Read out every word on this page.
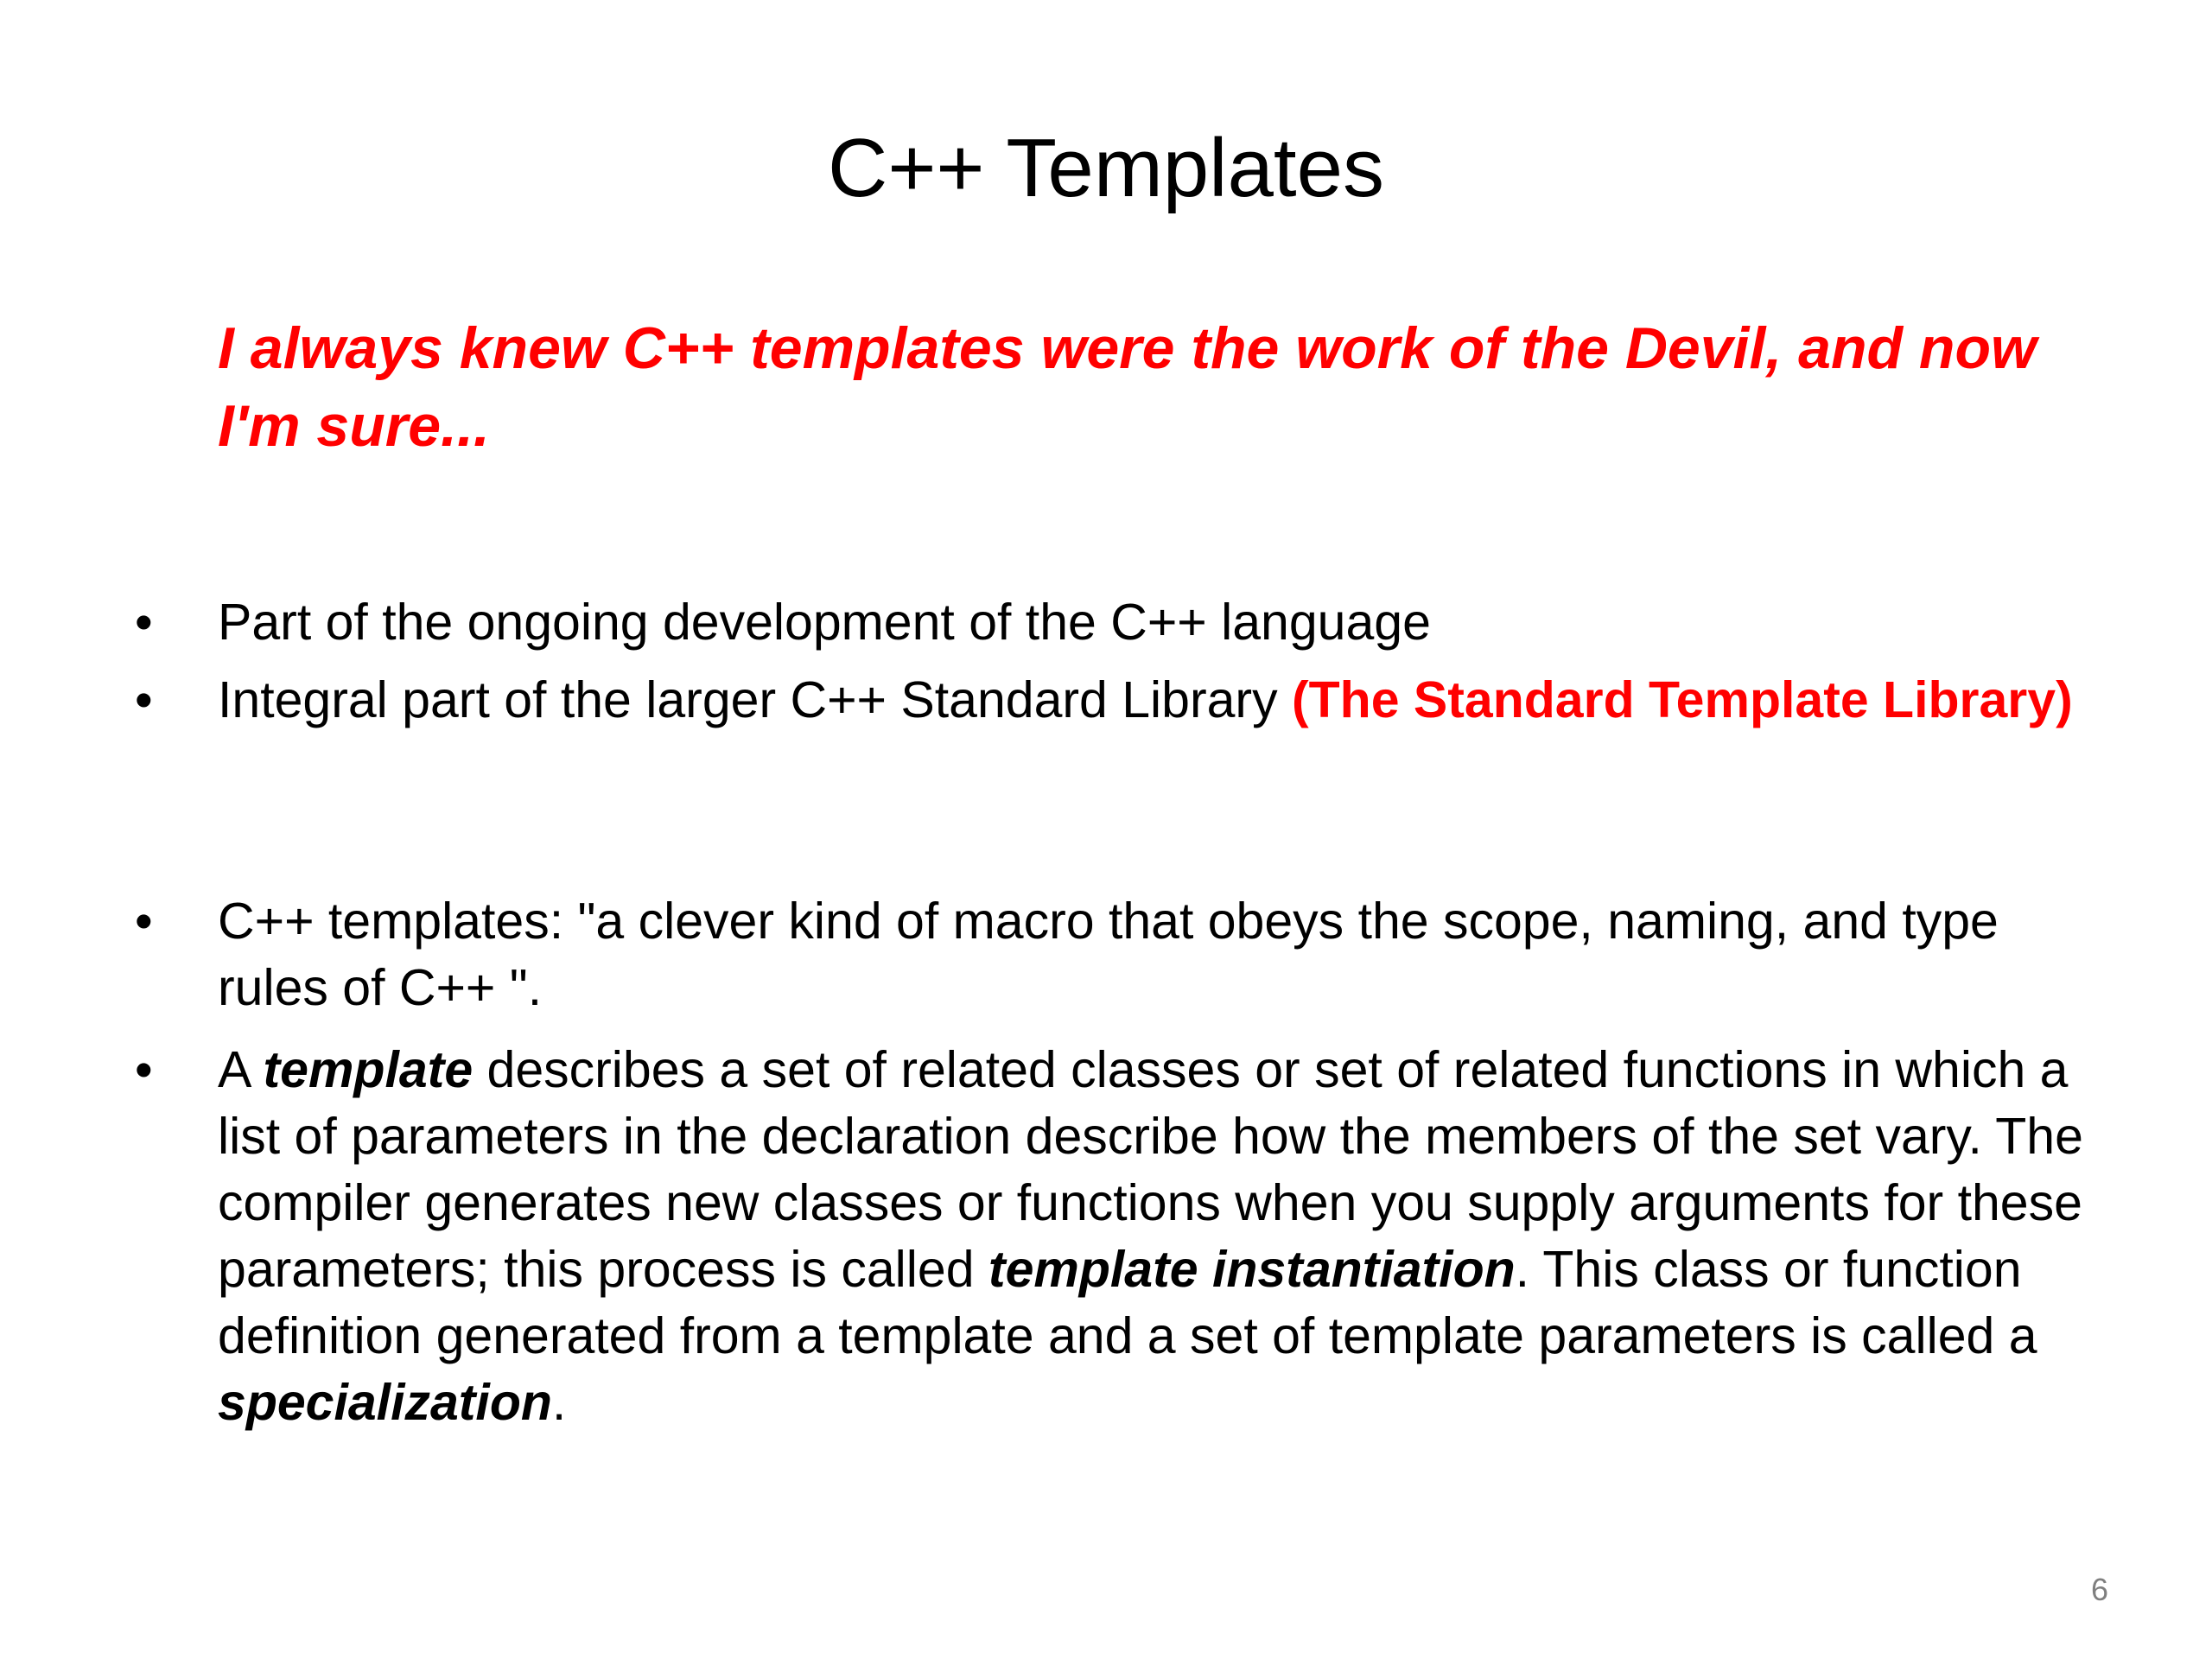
C++ Templates
I always knew C++ templates were the work of the Devil, and now I'm sure...
•	Part of the ongoing development of the C++ language
•	Integral part of the larger C++ Standard Library (The Standard Template Library)
•	C++ templates: "a clever kind of macro that obeys the scope, naming, and type rules of C++ ".
•	A template describes a set of related classes or set of related functions in which a list of parameters in the declaration describe how the members of the set vary. The compiler generates new classes or functions when you supply arguments for these parameters; this process is called template instantiation. This class or function definition generated from a template and a set of template parameters is called a specialization.
6
